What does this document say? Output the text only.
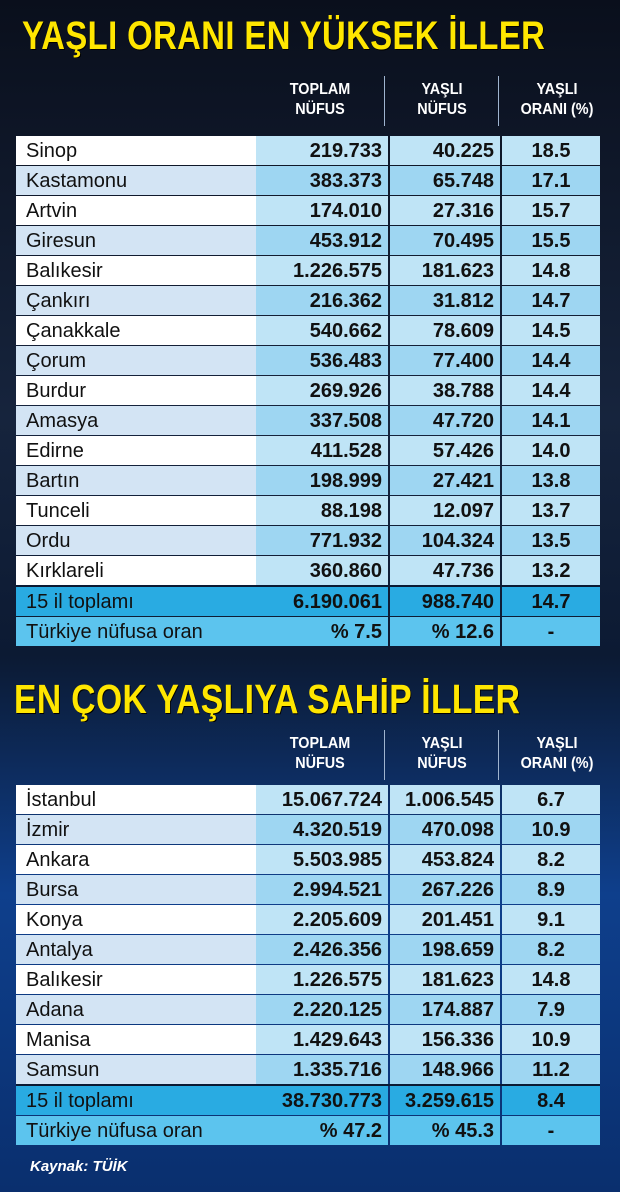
YAŞLI ORANI EN YÜKSEK İLLER
TOPLAM
NÜFUS
YAŞLI
NÜFUS
YAŞLI
ORANI (%)
Sinop	219.733	40.225	18.5
Kastamonu	383.373	65.748	17.1
Artvin	174.010	27.316	15.7
Giresun	453.912	70.495	15.5
Balıkesir	1.226.575	181.623	14.8
Çankırı	216.362	31.812	14.7
Çanakkale	540.662	78.609	14.5
Çorum	536.483	77.400	14.4
Burdur	269.926	38.788	14.4
Amasya	337.508	47.720	14.1
Edirne	411.528	57.426	14.0
Bartın	198.999	27.421	13.8
Tunceli	88.198	12.097	13.7
Ordu	771.932	104.324	13.5
Kırklareli	360.860	47.736	13.2
15 il toplamı	6.190.061	988.740	14.7
Türkiye nüfusa oran	% 7.5	% 12.6	-
EN ÇOK YAŞLIYA SAHİP İLLER
TOPLAM
NÜFUS
YAŞLI
NÜFUS
YAŞLI
ORANI (%)
İstanbul	15.067.724	1.006.545	6.7
İzmir	4.320.519	470.098	10.9
Ankara	5.503.985	453.824	8.2
Bursa	2.994.521	267.226	8.9
Konya	2.205.609	201.451	9.1
Antalya	2.426.356	198.659	8.2
Balıkesir	1.226.575	181.623	14.8
Adana	2.220.125	174.887	7.9
Manisa	1.429.643	156.336	10.9
Samsun	1.335.716	148.966	11.2
15 il toplamı	38.730.773	3.259.615	8.4
Türkiye nüfusa oran	% 47.2	% 45.3	-
Kaynak: TÜİK
